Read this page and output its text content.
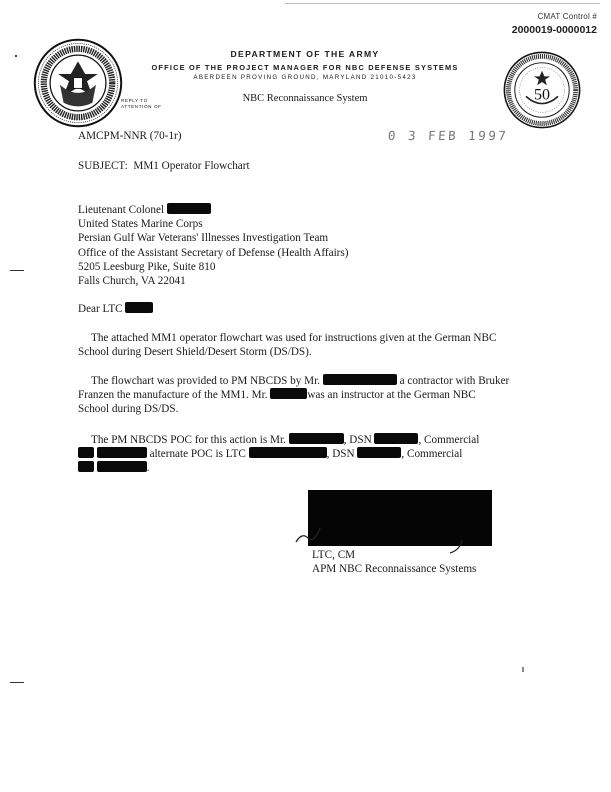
CMAT Control #
2000019-0000012
DEPARTMENT OF THE ARMY
OFFICE OF THE PROJECT MANAGER FOR NBC DEFENSE SYSTEMS
ABERDEEN PROVING GROUND, MARYLAND 21010-5423
NBC Reconnaissance System
REPLY TO
ATTENTION OF
50
AMCPM-NNR (70-1r)	0 3 FEB 1997
SUBJECT: MM1 Operator Flowchart
Lieutenant Colonel
United States Marine Corps
Persian Gulf War Veterans' Illnesses Investigation Team
Office of the Assistant Secretary of Defense (Health Affairs)
5205 Leesburg Pike, Suite 810
Falls Church, VA 22041
Dear LTC
The attached MM1 operator flowchart was used for instructions given at the German NBC
School during Desert Shield/Desert Storm (DS/DS).
The flowchart was provided to PM NBCDS by Mr.	a contractor with Bruker
Franzen the manufacture of the MM1. Mr.	was an instructor at the German NBC
School during DS/DS.
The PM NBCDS POC for this action is Mr.	, DSN	, Commercial
alternate POC is LTC	, DSN	, Commercial
.
LTC, CM
APM NBC Reconnaissance Systems
